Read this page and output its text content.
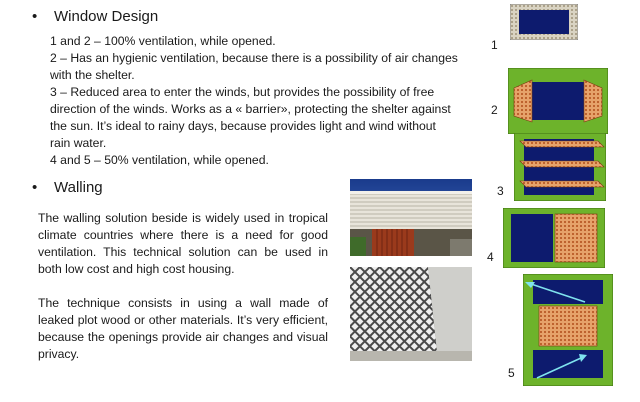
• Window Design
1 and 2 – 100% ventilation, while opened.
2 – Has an hygienic ventilation, because there is a possibility of air changes
with the shelter.
3 – Reduced area to enter the winds, but provides the possibility of free
direction of the winds. Works as a « barrier», protecting the shelter against
the sun. It’s ideal to rainy days, because provides light and wind without
rain water.
4 and 5 – 50% ventilation, while opened.
• Walling
The walling solution beside is widely used in tropical climate countries where there is a need for good ventilation. This technical solution can be used in both low cost and high cost housing.
The technique consists in using a wall made of leaked plot wood or other materials. It’s very efficient, because the openings provide air changes and visual privacy.
1
2
3
4
5
